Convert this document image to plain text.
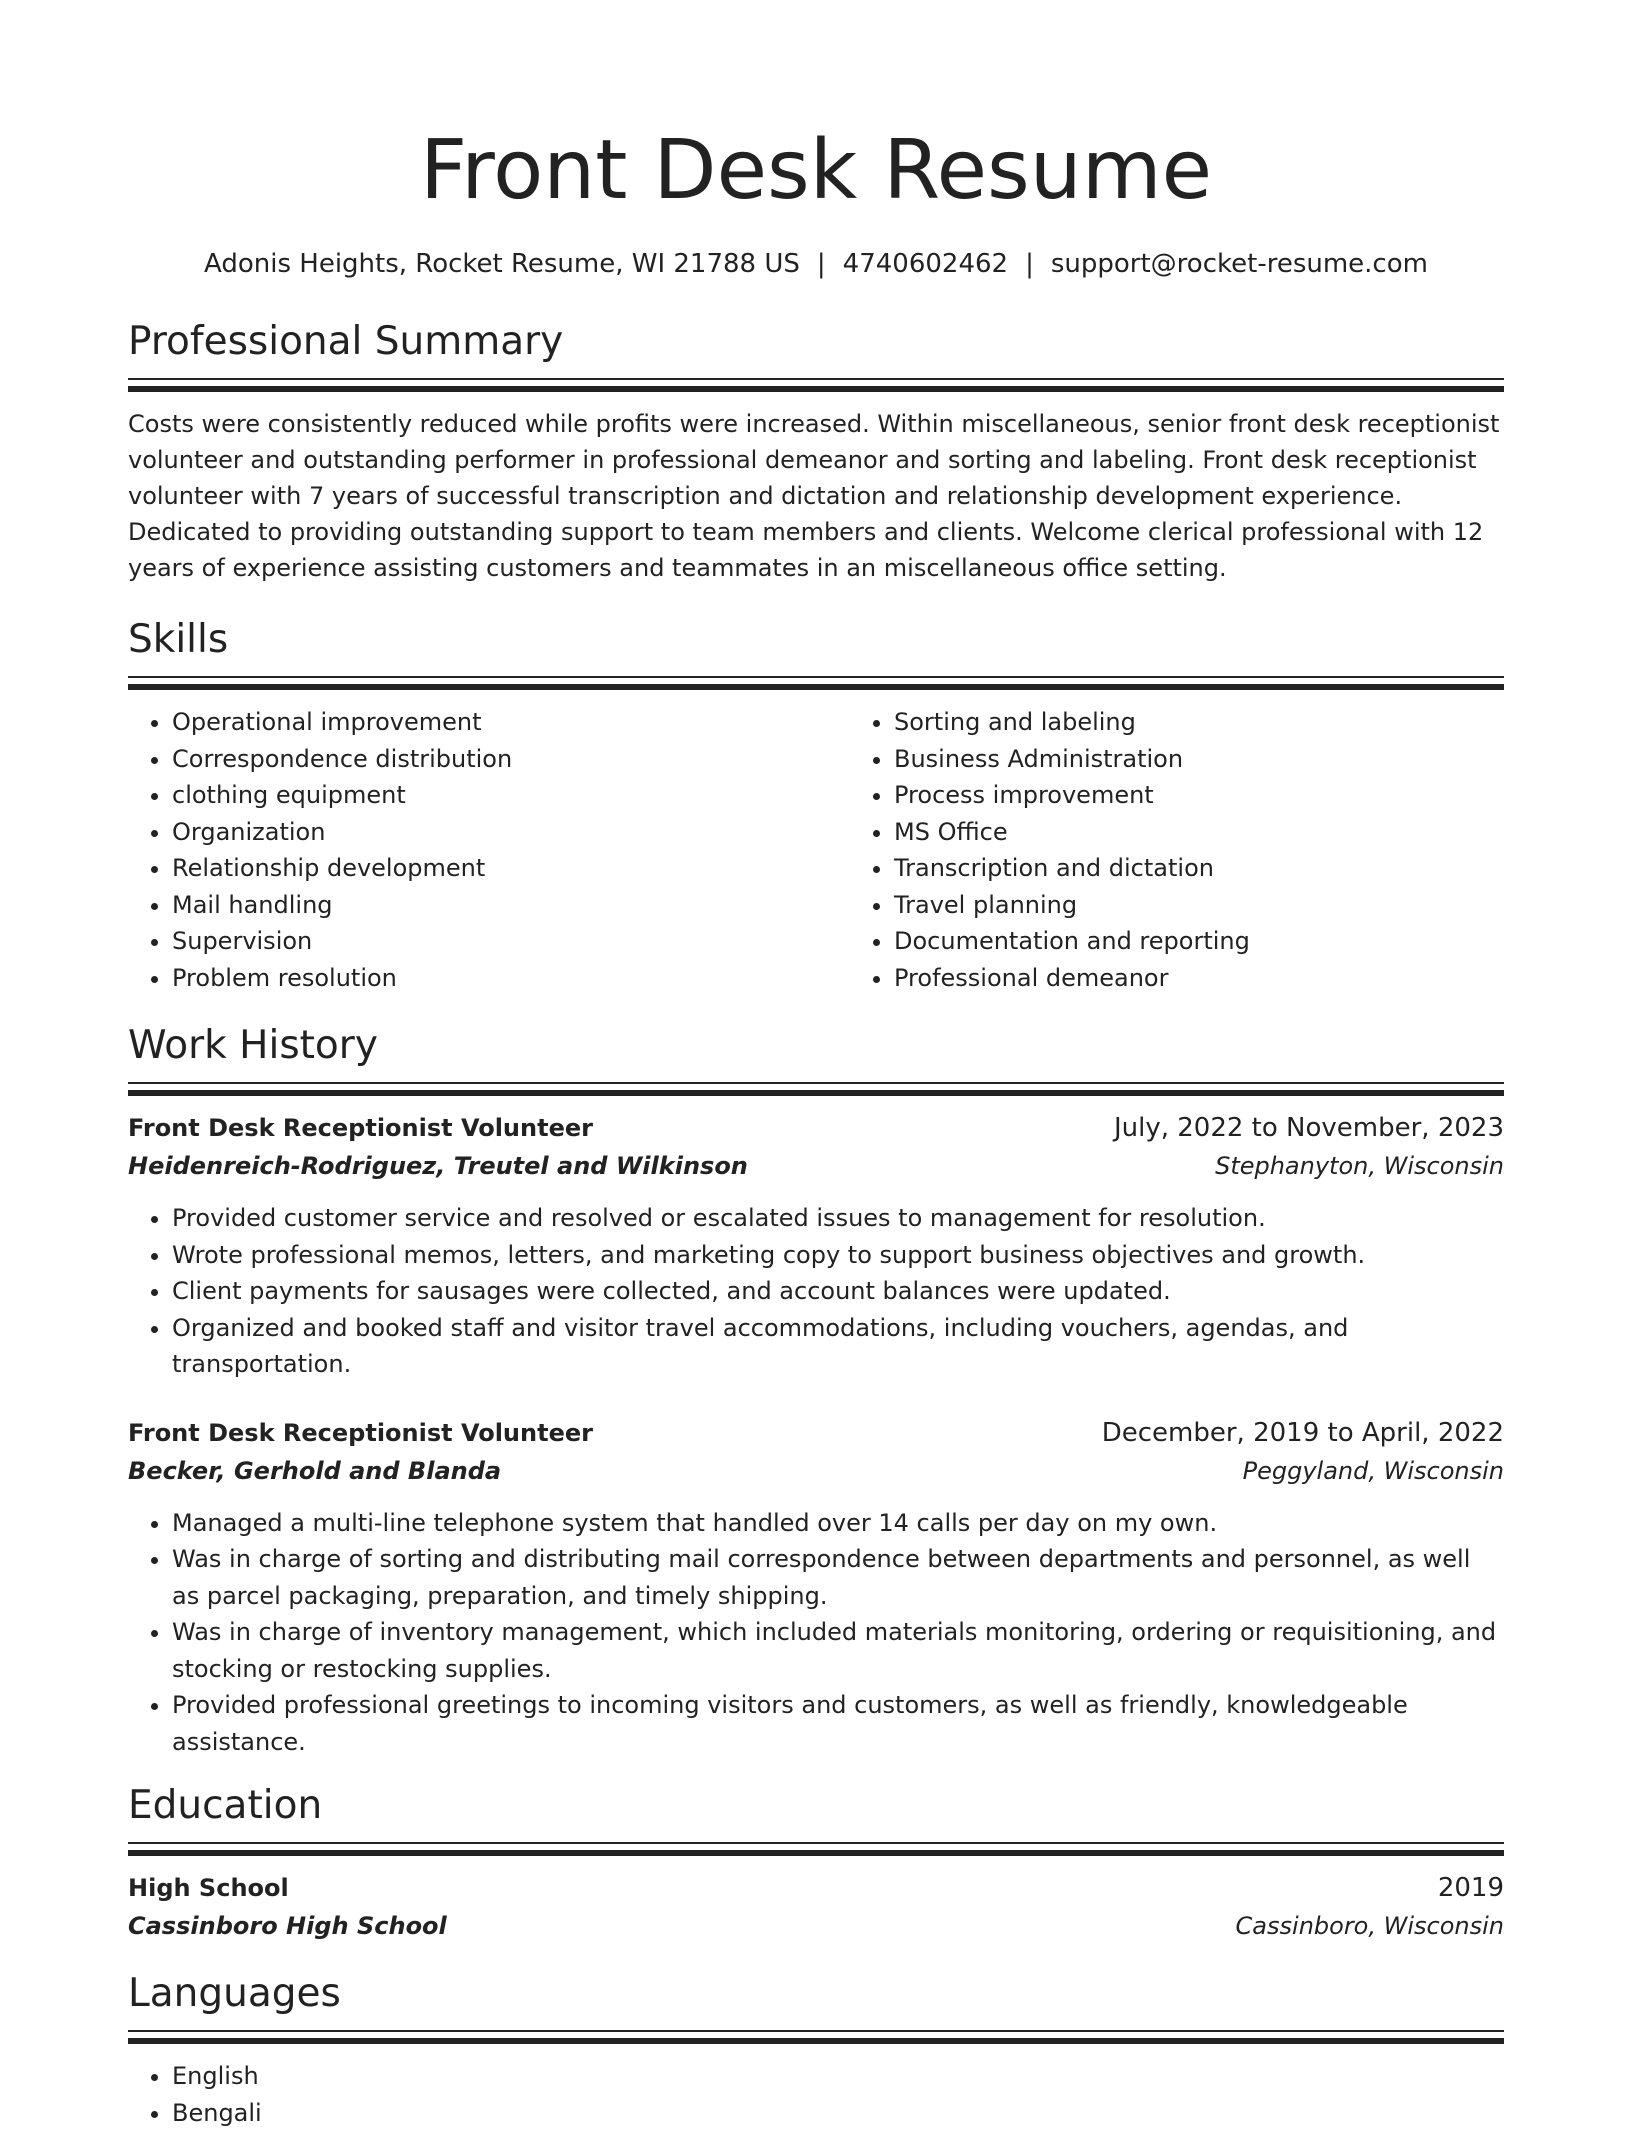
Front Desk Resume
Adonis Heights, Rocket Resume, WI 21788 US | 4740602462 | support@rocket-resume.com
Professional Summary

Costs were consistently reduced while profits were increased. Within miscellaneous, senior front desk receptionist volunteer and outstanding performer in professional demeanor and sorting and labeling. Front desk receptionist volunteer with 7 years of successful transcription and dictation and relationship development experience. Dedicated to providing outstanding support to team members and clients. Welcome clerical professional with 12 years of experience assisting customers and teammates in an miscellaneous office setting.

Skills
• Operational improvement
• Correspondence distribution
• clothing equipment
• Organization
• Relationship development
• Mail handling
• Supervision
• Problem resolution
• Sorting and labeling
• Business Administration
• Process improvement
• MS Office
• Transcription and dictation
• Travel planning
• Documentation and reporting
• Professional demeanor
Work History
Front Desk Receptionist Volunteer	July, 2022 to November, 2023
Heidenreich-Rodriguez, Treutel and Wilkinson	Stephanyton, Wisconsin
• Provided customer service and resolved or escalated issues to management for resolution.
• Wrote professional memos, letters, and marketing copy to support business objectives and growth.
• Client payments for sausages were collected, and account balances were updated.
• Organized and booked staff and visitor travel accommodations, including vouchers, agendas, and transportation.
Front Desk Receptionist Volunteer	December, 2019 to April, 2022
Becker, Gerhold and Blanda	Peggyland, Wisconsin
• Managed a multi-line telephone system that handled over 14 calls per day on my own.
• Was in charge of sorting and distributing mail correspondence between departments and personnel, as well as parcel packaging, preparation, and timely shipping.
• Was in charge of inventory management, which included materials monitoring, ordering or requisitioning, and stocking or restocking supplies.
• Provided professional greetings to incoming visitors and customers, as well as friendly, knowledgeable assistance.
Education
High School	2019
Cassinboro High School	Cassinboro, Wisconsin
Languages
• English
• Bengali
